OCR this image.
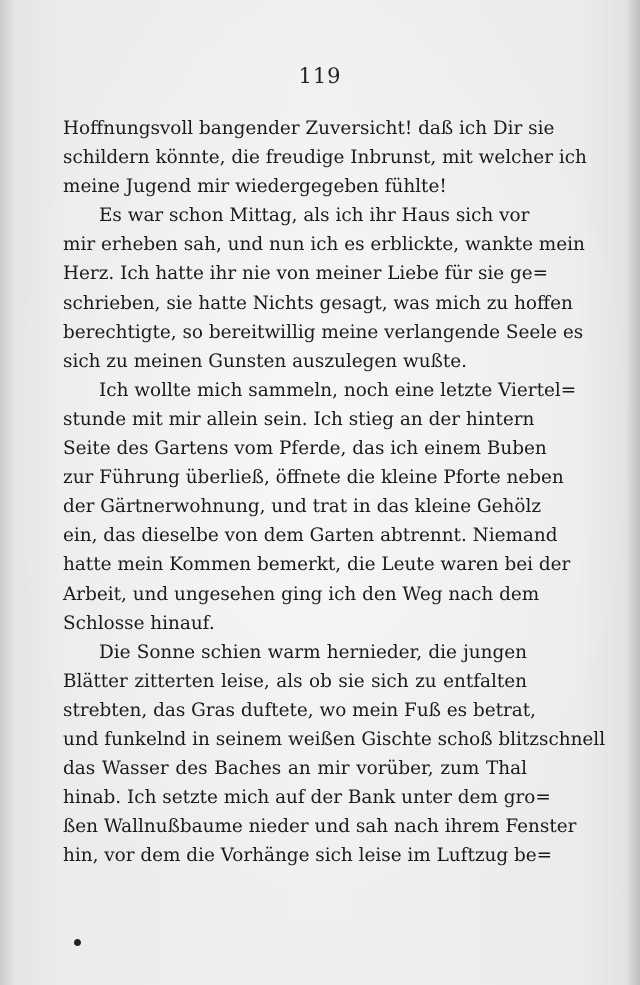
119
Hoffnungsvoll bangender Zuversicht! daß ich Dir sie
schildern könnte, die freudige Inbrunst, mit welcher ich
meine Jugend mir wiedergegeben fühlte!
Es war schon Mittag, als ich ihr Haus sich vor
mir erheben sah, und nun ich es erblickte, wankte mein
Herz. Ich hatte ihr nie von meiner Liebe für sie ge=
schrieben, sie hatte Nichts gesagt, was mich zu hoffen
berechtigte, so bereitwillig meine verlangende Seele es
sich zu meinen Gunsten auszulegen wußte.
Ich wollte mich sammeln, noch eine letzte Viertel=
stunde mit mir allein sein. Ich stieg an der hintern
Seite des Gartens vom Pferde, das ich einem Buben
zur Führung überließ, öffnete die kleine Pforte neben
der Gärtnerwohnung, und trat in das kleine Gehölz
ein, das dieselbe von dem Garten abtrennt. Niemand
hatte mein Kommen bemerkt, die Leute waren bei der
Arbeit, und ungesehen ging ich den Weg nach dem
Schlosse hinauf.
Die Sonne schien warm hernieder, die jungen
Blätter zitterten leise, als ob sie sich zu entfalten
strebten, das Gras duftete, wo mein Fuß es betrat,
und funkelnd in seinem weißen Gischte schoß blitzschnell
das Wasser des Baches an mir vorüber, zum Thal
hinab. Ich setzte mich auf der Bank unter dem gro=
ßen Wallnußbaume nieder und sah nach ihrem Fenster
hin, vor dem die Vorhänge sich leise im Luftzug be=
